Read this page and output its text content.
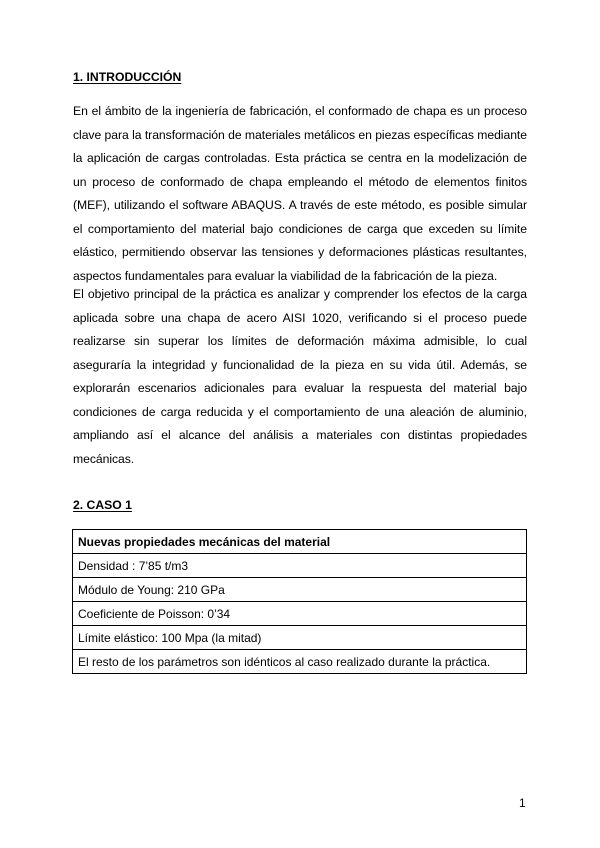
1. INTRODUCCIÓN

En el ámbito de la ingeniería de fabricación, el conformado de chapa es un proceso clave para la transformación de materiales metálicos en piezas específicas mediante la aplicación de cargas controladas. Esta práctica se centra en la modelización de un proceso de conformado de chapa empleando el método de elementos finitos (MEF), utilizando el software ABAQUS. A través de este método, es posible simular el comportamiento del material bajo condiciones de carga que exceden su límite elástico, permitiendo observar las tensiones y deformaciones plásticas resultantes, aspectos fundamentales para evaluar la viabilidad de la fabricación de la pieza.

El objetivo principal de la práctica es analizar y comprender los efectos de la carga aplicada sobre una chapa de acero AISI 1020, verificando si el proceso puede realizarse sin superar los límites de deformación máxima admisible, lo cual aseguraría la integridad y funcionalidad de la pieza en su vida útil. Además, se explorarán escenarios adicionales para evaluar la respuesta del material bajo condiciones de carga reducida y el comportamiento de una aleación de aluminio, ampliando así el alcance del análisis a materiales con distintas propiedades mecánicas.

2. CASO 1
Nuevas propiedades mecánicas del material
Densidad : 7’85 t/m3
Módulo de Young: 210 GPa
Coeficiente de Poisson: 0’34
Límite elástico: 100 Mpa (la mitad)
El resto de los parámetros son idénticos al caso realizado durante la práctica.
1
